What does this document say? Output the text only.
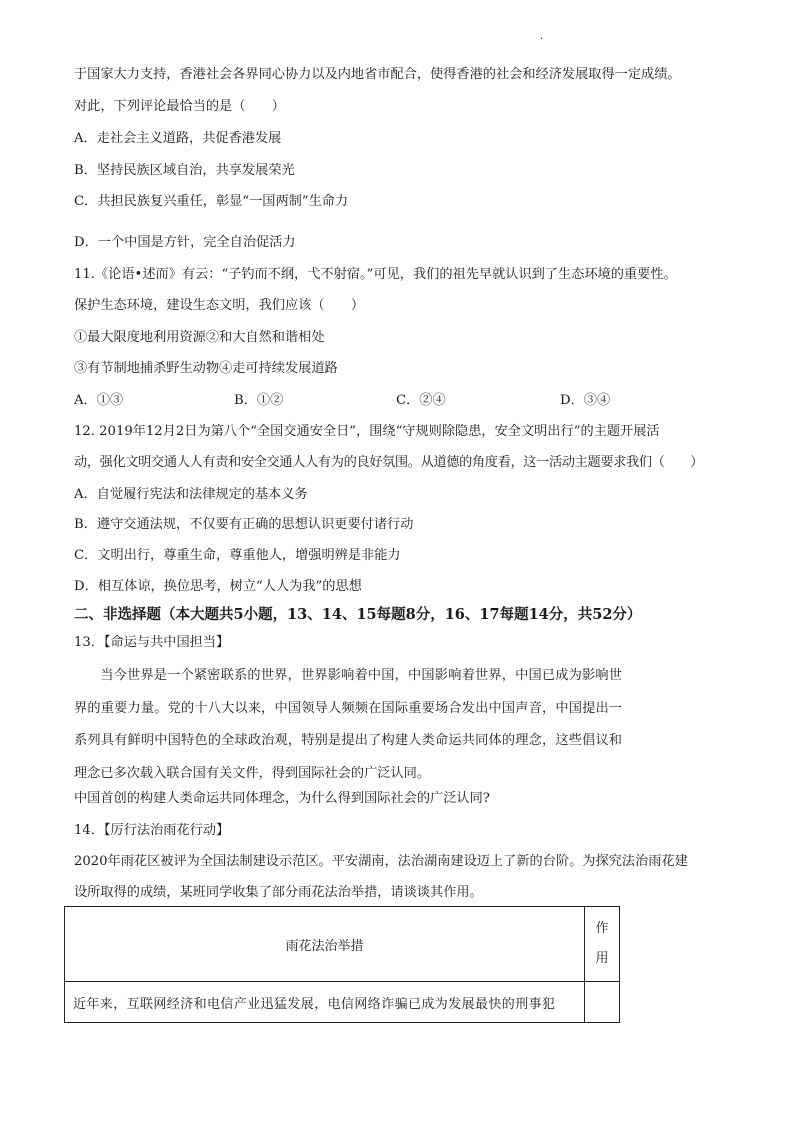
.
于国家大力支持，香港社会各界同心协力以及内地省市配合，使得香港的社会和经济发展取得一定成绩。
对此，下列评论最恰当的是（　　）
A．走社会主义道路，共促香港发展
B．坚持民族区域自治，共享发展荣光
C．共担民族复兴重任，彰显“一国两制”生命力
D．一个中国是方针，完全自治促活力
11.《论语•述而》有云：“子钓而不纲，弋不射宿。”可见，我们的祖先早就认识到了生态环境的重要性。
保护生态环境，建设生态文明，我们应该（　　）
①最大限度地利用资源②和大自然和谐相处
③有节制地捕杀野生动物④走可持续发展道路
A．①③	B．①②	C．②④	D．③④
12. 2019年12月2日为第八个“全国交通安全日”，围绕“守规则除隐患，安全文明出行”的主题开展活
动，强化文明交通人人有责和安全交通人人有为的良好氛围。从道德的角度看，这一活动主题要求我们（　　）
A．自觉履行宪法和法律规定的基本义务
B．遵守交通法规，不仅要有正确的思想认识更要付诸行动
C．文明出行，尊重生命，尊重他人，增强明辨是非能力
D．相互体谅，换位思考，树立“人人为我”的思想
二、非选择题（本大题共5小题，13、14、15每题8分，16、17每题14分，共52分）
13．【命运与共中国担当】
当今世界是一个紧密联系的世界，世界影响着中国，中国影响着世界，中国已成为影响世界的重要力量。党的十八大以来，中国领导人频频在国际重要场合发出中国声音，中国提出一系列具有鲜明中国特色的全球政治观，特别是提出了构建人类命运共同体的理念，这些倡议和理念已多次载入联合国有关文件，得到国际社会的广泛认同。
中国首创的构建人类命运共同体理念，为什么得到国际社会的广泛认同?
14．【厉行法治雨花行动】
2020年雨花区被评为全国法制建设示范区。平安湖南，法治湖南建设迈上了新的台阶。为探究法治雨花建
设所取得的成绩，某班同学收集了部分雨花法治举措，请谈谈其作用。
雨花法治举措	作
用

近年来，互联网经济和电信产业迅猛发展，电信网络诈骗已成为发展最快的刑事犯	
